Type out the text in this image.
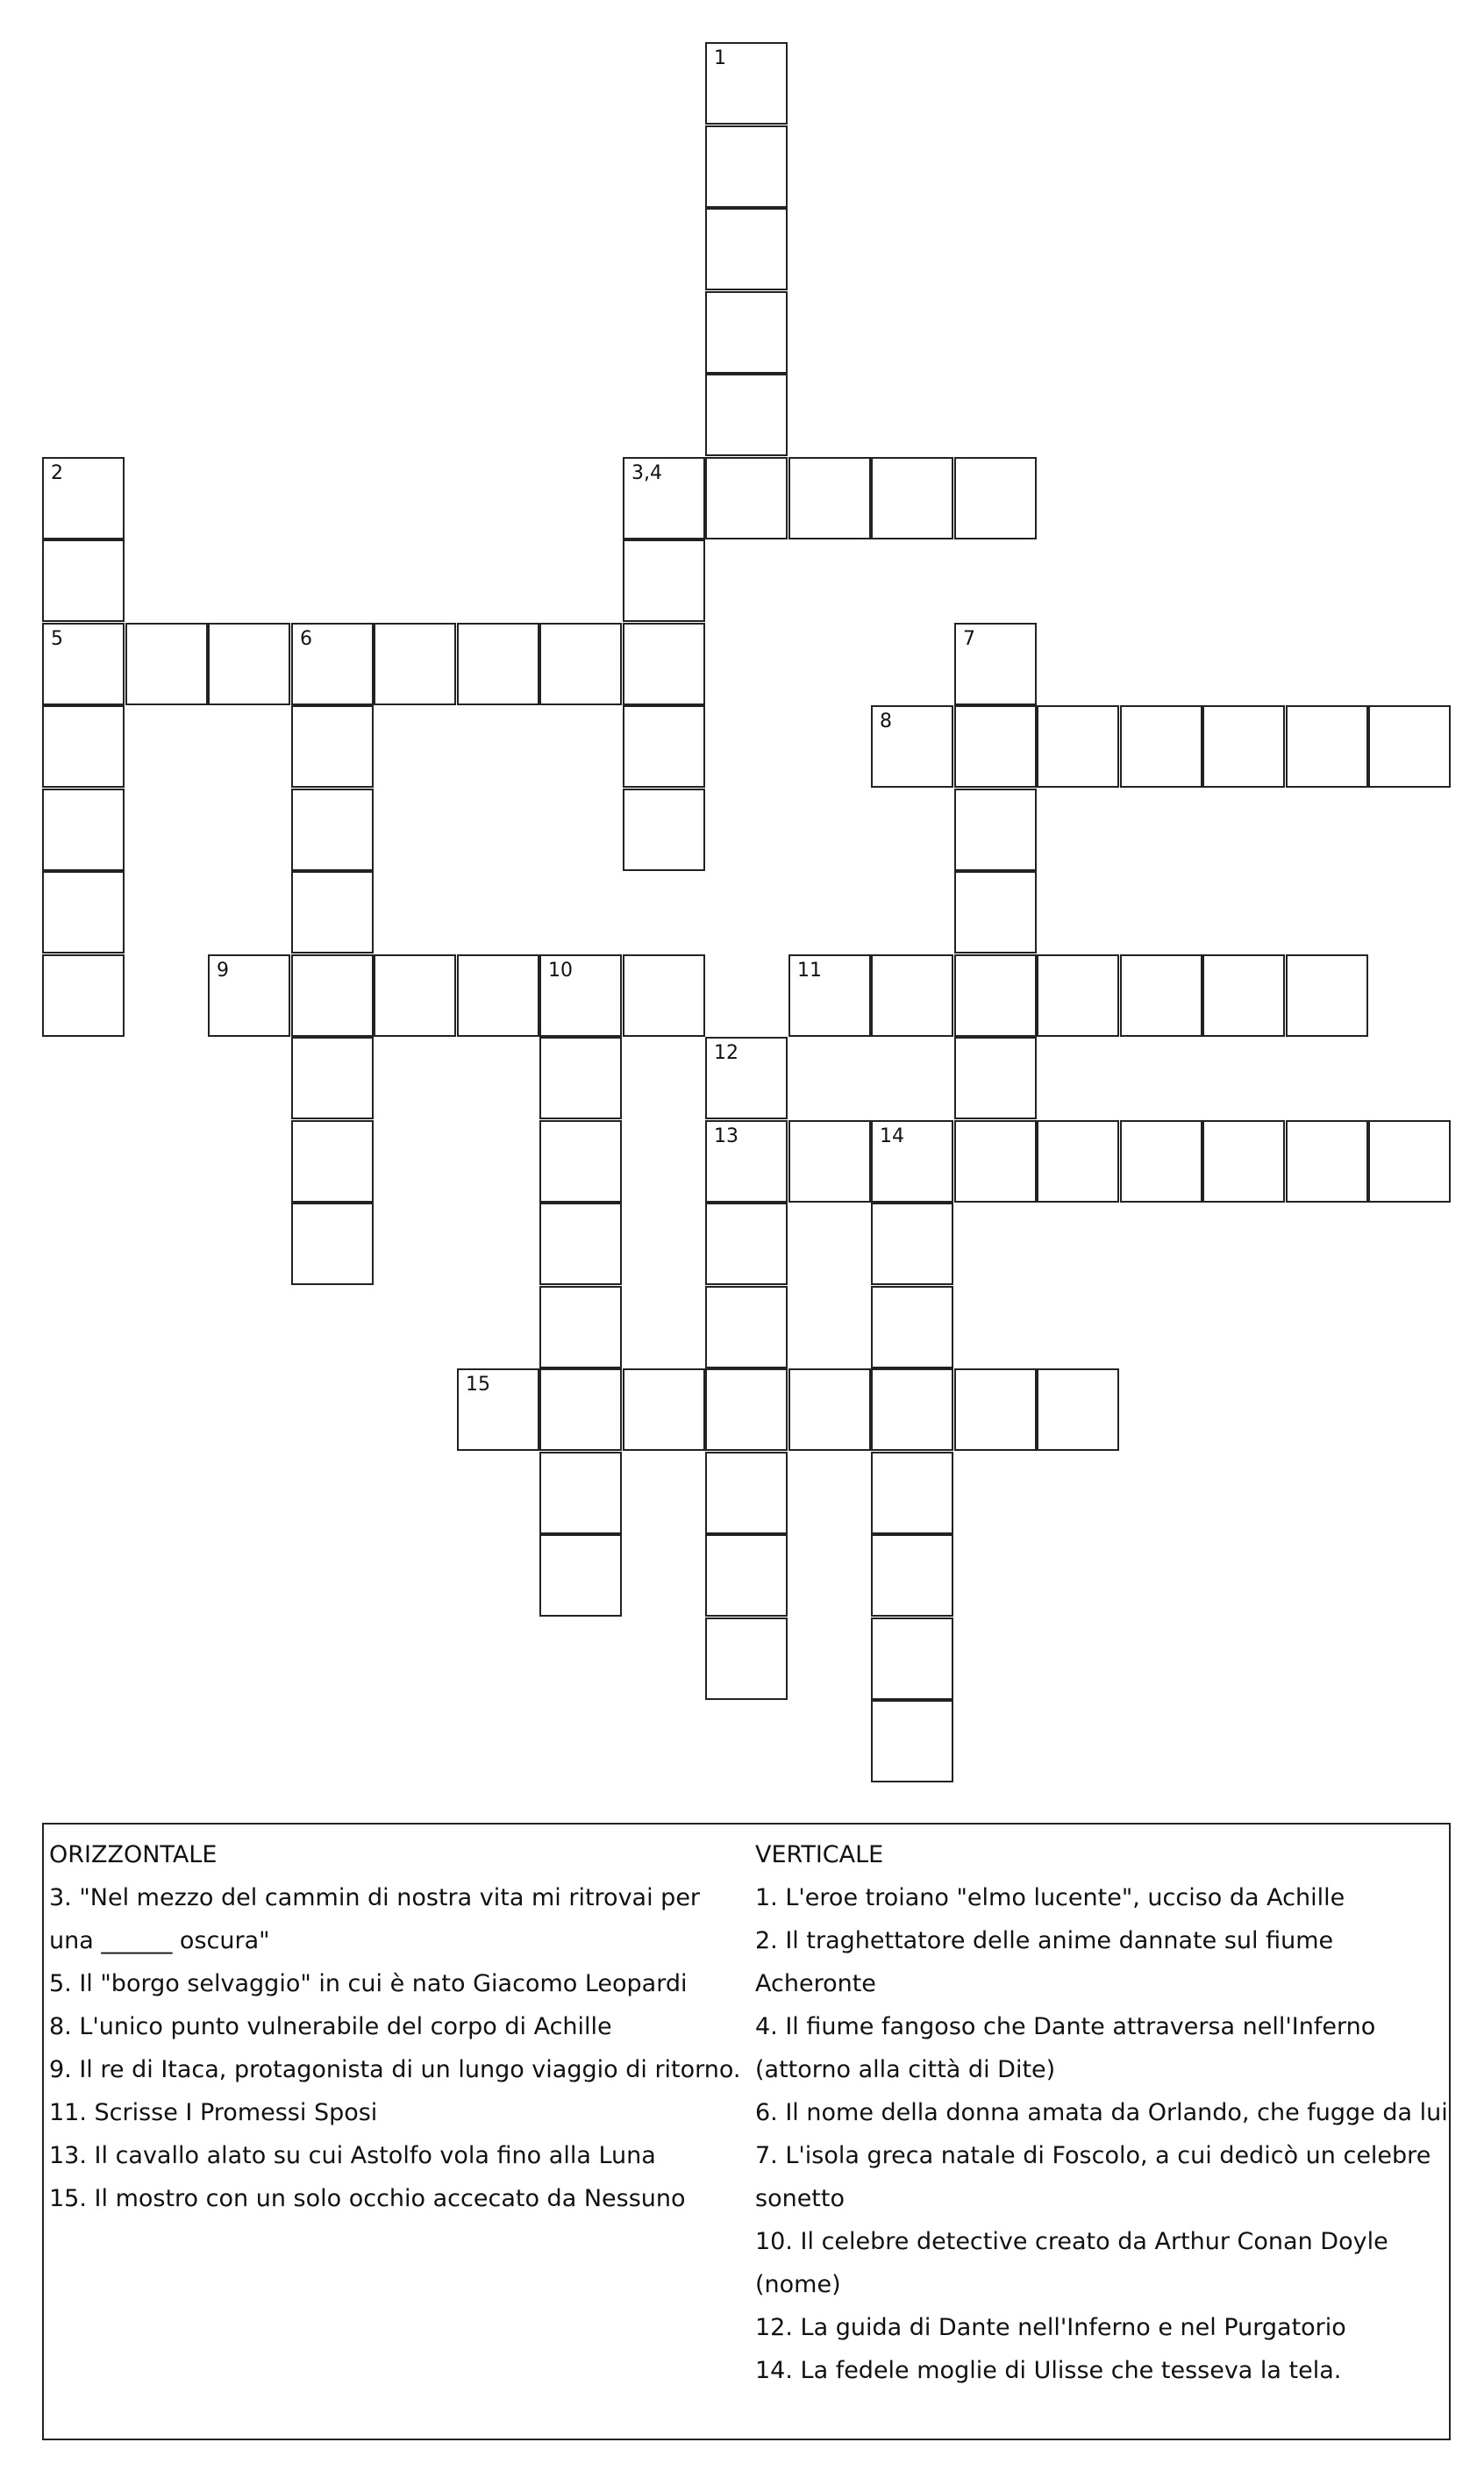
1
2	3,4
5	6	7
8
9	10	11
12
13	14
15

ORIZZONTALE

3. "Nel mezzo del cammin di nostra vita mi ritrovai per una ______ oscura"

5. Il "borgo selvaggio" in cui è nato Giacomo Leopardi

8. L'unico punto vulnerabile del corpo di Achille

9. Il re di Itaca, protagonista di un lungo viaggio di ritorno.

11. Scrisse I Promessi Sposi

13. Il cavallo alato su cui Astolfo vola fino alla Luna

15. Il mostro con un solo occhio accecato da Nessuno

VERTICALE

1. L'eroe troiano "elmo lucente", ucciso da Achille

2. Il traghettatore delle anime dannate sul fiume Acheronte

4. Il fiume fangoso che Dante attraversa nell'Inferno (attorno alla città di Dite)

6. Il nome della donna amata da Orlando, che fugge da lui

7. L'isola greca natale di Foscolo, a cui dedicò un celebre sonetto

10. Il celebre detective creato da Arthur Conan Doyle (nome)

12. La guida di Dante nell'Inferno e nel Purgatorio

14. La fedele moglie di Ulisse che tesseva la tela.
